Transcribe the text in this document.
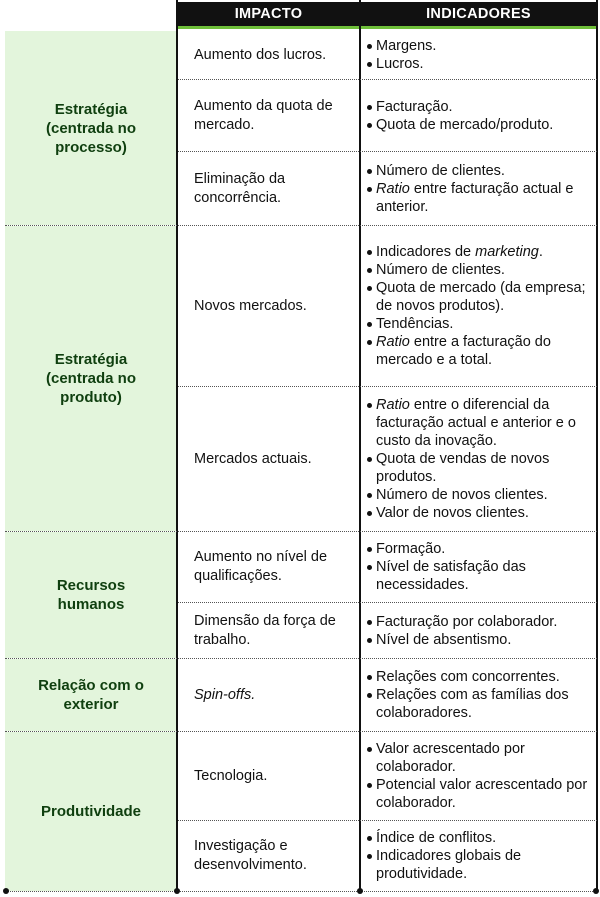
IMPACTO	INDICADORES
Estratégia (centrada no processo)
Estratégia (centrada no produto)
Recursos humanos
Relação com o exterior
Produtividade
Aumento dos lucros.
Aumento da quota de mercado.
Eliminação da concorrência.
Novos mercados.
Mercados actuais.
Aumento no nível de qualificações.
Dimensão da força de trabalho.
Spin-offs.
Tecnologia.
Investigação e desenvolvimento.
Margens.
Lucros.
Facturação.
Quota de mercado/produto.
Número de clientes.
Ratio entre facturação actual e anterior.
Indicadores de marketing.
Número de clientes.
Quota de mercado (da empresa; de novos produtos).
Tendências.
Ratio entre a facturação do mercado e a total.
Ratio entre o diferencial da facturação actual e anterior e o custo da inovação.
Quota de vendas de novos produtos.
Número de novos clientes.
Valor de novos clientes.
Formação.
Nível de satisfação das necessidades.
Facturação por colaborador.
Nível de absentismo.
Relações com concorrentes.
Relações com as famílias dos colaboradores.
Valor acrescentado por colaborador.
Potencial valor acrescentado por colaborador.
Índice de conflitos.
Indicadores globais de produtividade.
